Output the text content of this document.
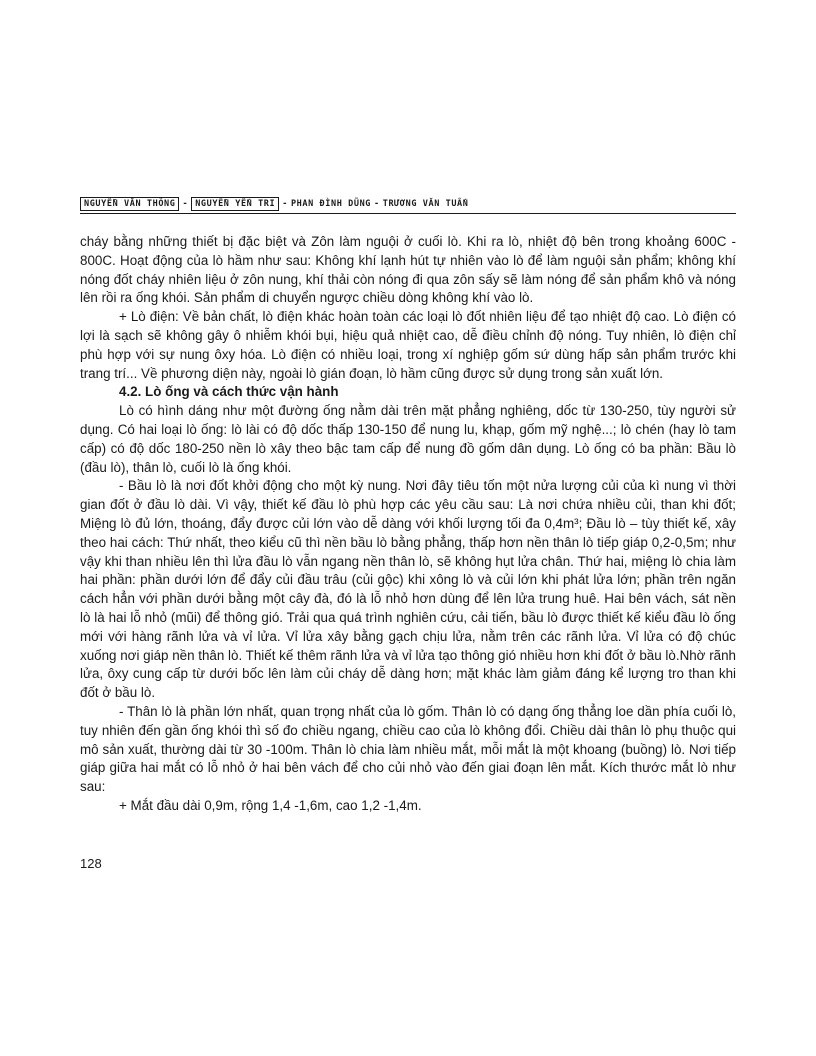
NGUYỄN VĂN THÔNG - NGUYỄN YẾN TRI - PHAN ĐÌNH DŨNG - TRƯƠNG VĂN TUẤN

cháy bằng những thiết bị đặc biệt và Zôn làm nguội ở cuối lò. Khi ra lò, nhiệt độ bên trong khoảng 600C - 800C. Hoạt động của lò hầm như sau: Không khí lạnh hút tự nhiên vào lò để làm nguội sản phẩm; không khí nóng đốt cháy nhiên liệu ở zôn nung, khí thải còn nóng đi qua zôn sấy sẽ làm nóng để sản phẩm khô và nóng lên rồi ra ống khói. Sản phẩm di chuyển ngược chiều dòng không khí vào lò.

+ Lò điện: Về bản chất, lò điện khác hoàn toàn các loại lò đốt nhiên liệu để tạo nhiệt độ cao. Lò điện có lợi là sạch sẽ không gây ô nhiễm khói bụi, hiệu quả nhiệt cao, dễ điều chỉnh độ nóng. Tuy nhiên, lò điện chỉ phù hợp với sự nung ôxy hóa. Lò điện có nhiều loại, trong xí nghiệp gốm sứ dùng hấp sản phẩm trước khi trang trí... Về phương diện này, ngoài lò gián đoạn, lò hầm cũng được sử dụng trong sản xuất lớn.

4.2. Lò ống và cách thức vận hành

Lò có hình dáng như một đường ống nằm dài trên mặt phẳng nghiêng, dốc từ 130-250, tùy người sử dụng. Có hai loại lò ống: lò lài có độ dốc thấp 130-150 để nung lu, khạp, gốm mỹ nghệ...; lò chén (hay lò tam cấp) có độ dốc 180-250 nền lò xây theo bậc tam cấp để nung đồ gốm dân dụng. Lò ống có ba phần: Bầu lò (đầu lò), thân lò, cuối lò là ống khói.

- Bầu lò là nơi đốt khởi động cho một kỳ nung. Nơi đây tiêu tốn một nửa lượng củi của kì nung vì thời gian đốt ở đầu lò dài. Vì vậy, thiết kế đầu lò phù hợp các yêu cầu sau: Là nơi chứa nhiều củi, than khi đốt; Miệng lò đủ lớn, thoáng, đẩy được củi lớn vào dễ dàng với khối lượng tối đa 0,4m³; Đầu lò – tùy thiết kế, xây theo hai cách: Thứ nhất, theo kiểu cũ thì nền bầu lò bằng phẳng, thấp hơn nền thân lò tiếp giáp 0,2-0,5m; như vậy khi than nhiều lên thì lửa đầu lò vẫn ngang nền thân lò, sẽ không hụt lửa chân. Thứ hai, miệng lò chia làm hai phần: phần dưới lớn để đẩy củi đầu trâu (củi gộc) khi xông lò và củi lớn khi phát lửa lớn; phần trên ngăn cách hẳn với phần dưới bằng một cây đà, đó là lỗ nhỏ hơn dùng để lên lửa trung huê. Hai bên vách, sát nền lò là hai lỗ nhỏ (mũi) để thông gió. Trải qua quá trình nghiên cứu, cải tiến, bầu lò được thiết kế kiểu đầu lò ống mới với hàng rãnh lửa và vỉ lửa. Vỉ lửa xây bằng gạch chịu lửa, nằm trên các rãnh lửa. Vỉ lửa có độ chúc xuống nơi giáp nền thân lò. Thiết kế thêm rãnh lửa và vỉ lửa tạo thông gió nhiều hơn khi đốt ở bầu lò.Nhờ rãnh lửa, ôxy cung cấp từ dưới bốc lên làm củi cháy dễ dàng hơn; mặt khác làm giảm đáng kể lượng tro than khi đốt ở bầu lò.

- Thân lò là phần lớn nhất, quan trọng nhất của lò gốm. Thân lò có dạng ống thẳng loe dần phía cuối lò, tuy nhiên đến gần ống khói thì số đo chiều ngang, chiều cao của lò không đổi. Chiều dài thân lò phụ thuộc qui mô sản xuất, thường dài từ 30 -100m. Thân lò chia làm nhiều mắt, mỗi mắt là một khoang (buồng) lò. Nơi tiếp giáp giữa hai mắt có lỗ nhỏ ở hai bên vách để cho củi nhỏ vào đến giai đoạn lên mắt. Kích thước mắt lò như sau:

+ Mắt đầu dài 0,9m, rộng 1,4 -1,6m, cao 1,2 -1,4m.

128
